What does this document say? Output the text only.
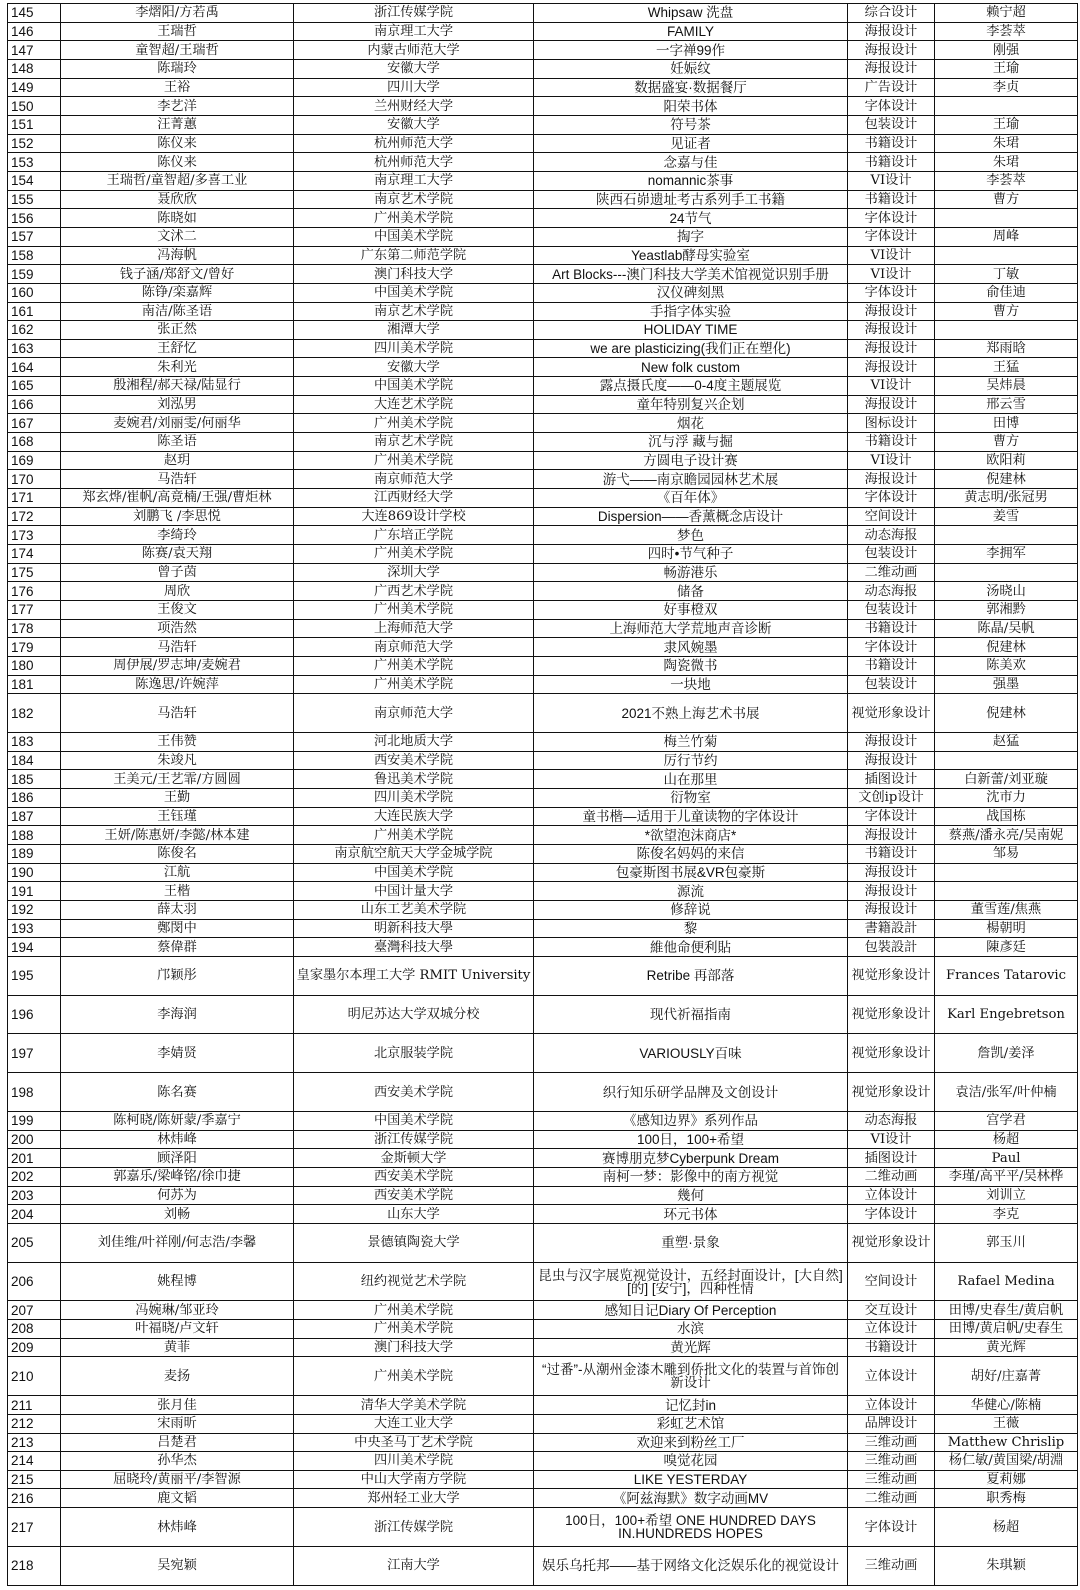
145	李熠阳/方若禹	浙江传媒学院	Whipsaw 洗盘	综合设计	赖宁超
146	王瑞哲	南京理工大学	FAMILY	海报设计	李荟萃
147	童智超/王瑞哲	内蒙古师范大学	一字禅99作	海报设计	刚强
148	陈瑞玲	安徽大学	妊娠纹	海报设计	王瑜
149	王裕	四川大学	数据盛宴·数据餐厅	广告设计	李贞
150	李艺洋	兰州财经大学	阳荣书体	字体设计	
151	汪菁蕙	安徽大学	符号茶	包装设计	王瑜
152	陈仪来	杭州师范大学	见证者	书籍设计	朱珺
153	陈仪来	杭州师范大学	念嘉与佳	书籍设计	朱珺
154	王瑞哲/童智超/多喜工业	南京理工大学	nomannic茶事	VI设计	李荟萃
155	聂欣欣	南京艺术学院	陕西石峁遗址考古系列手工书籍	书籍设计	曹方
156	陈晓如	广州美术学院	24节气	字体设计	
157	文沭二	中国美术学院	掏字	字体设计	周峰
158	冯海帆	广东第二师范学院	Yeastlab酵母实验室	VI设计	
159	钱子涵/郑舒文/曾好	澳门科技大学	Art Blocks---澳门科技大学美术馆视觉识别手册	VI设计	丁敏
160	陈铮/栾嘉辉	中国美术学院	汉仪碑刻黑	字体设计	俞佳迪
161	南洁/陈圣语	南京艺术学院	手指字体实验	海报设计	曹方
162	张正然	湘潭大学	HOLIDAY TIME	海报设计	
163	王舒忆	四川美术学院	we are plasticizing(我们正在塑化)	海报设计	郑雨晗
164	朱利光	安徽大学	New folk custom	海报设计	王猛
165	殷湘程/郝天禄/陆显行	中国美术学院	露点摄氏度——0-4度主题展览	VI设计	吴炜晨
166	刘泓男	大连艺术学院	童年特别复兴企划	海报设计	邢云雪
167	麦婉君/刘丽雯/何丽华	广州美术学院	烟花	图标设计	田博
168	陈圣语	南京艺术学院	沉与浮 藏与掘	书籍设计	曹方
169	赵玥	广州美术学院	方圆电子设计赛	VI设计	欧阳莉
170	马浩轩	南京师范大学	游弋——南京瞻园园林艺术展	海报设计	倪建林
171	郑玄烨/崔帆/高竟楠/王强/曹炬林	江西财经大学	《百年体》	字体设计	黄志明/张冠男
172	刘鹏飞 /李思悦	大连869设计学校	Dispersion——香薰概念店设计	空间设计	姜雪
173	李绮玲	广东培正学院	梦色	动态海报	
174	陈赛/袁天翔	广州美术学院	四时•节气种子	包装设计	李拥军
175	曾子茵	深圳大学	畅游港乐	二维动画	
176	周欣	广西艺术学院	储备	动态海报	汤晓山
177	王俊文	广州美术学院	好事橙双	包装设计	郭湘黔
178	项浩然	上海师范大学	上海师范大学荒地声音诊断	书籍设计	陈晶/吴帆
179	马浩轩	南京师范大学	隶风婉墨	字体设计	倪建林
180	周伊展/罗志坤/麦婉君	广州美术学院	陶瓷微书	书籍设计	陈美欢
181	陈逸思/许婉萍	广州美术学院	一块地	包装设计	强墨
182	马浩轩	南京师范大学	2021不熟上海艺术书展	视觉形象设计	倪建林
183	王伟赞	河北地质大学	梅兰竹菊	海报设计	赵猛
184	朱竣凡	西安美术学院	厉行节约	海报设计	
185	王美元/王艺霏/方圆圆	鲁迅美术学院	山在那里	插图设计	白新蕾/刘亚璇
186	王勤	四川美术学院	衍物室	文创ip设计	沈市力
187	王钰瑾	大连民族大学	童书楷—适用于儿童读物的字体设计	字体设计	战国栋
188	王妍/陈惠妍/李懿/林本建	广州美术学院	*欲望泡沫商店*	海报设计	蔡燕/潘永亮/吴南妮
189	陈俊名	南京航空航天大学金城学院	陈俊名妈妈的来信	书籍设计	邹易
190	江航	中国美术学院	包豪斯图书展&VR包豪斯	海报设计	
191	王楷	中国计量大学	源流	海报设计	
192	薛太羽	山东工艺美术学院	修辞说	海报设计	董雪莲/焦燕
193	鄭閔中	明新科技大學	黎	書籍設計	楊朝明
194	蔡偉群	臺灣科技大學	維他命便利貼	包裝設計	陳彥廷
195	邝颖彤	皇家墨尔本理工大学 RMIT University	Retribe 再部落	视觉形象设计	Frances Tatarovic
196	李海润	明尼苏达大学双城分校	现代祈福指南	视觉形象设计	Karl Engebretson
197	李婧贤	北京服装学院	VARIOUSLY百味	视觉形象设计	詹凯/姜泽
198	陈名赛	西安美术学院	织行知乐研学品牌及文创设计	视觉形象设计	袁洁/张军/叶仲楠
199	陈柯晓/陈妍蒙/季嘉宁	中国美术学院	《感知边界》系列作品	动态海报	宫学君
200	林炜峰	浙江传媒学院	100日，100+希望	VI设计	杨超
201	顾泽阳	金斯顿大学	赛博朋克梦Cyberpunk Dream	插图设计	Paul
202	郭嘉乐/梁峰铭/徐巾捷	西安美术学院	南柯一梦：影像中的南方视觉	二维动画	李瑾/高平平/吴林桦
203	何苏为	西安美术学院	幾何	立体设计	刘训立
204	刘畅	山东大学	环元书体	字体设计	李克
205	刘佳维/叶祥刚/何志浩/李馨	景德镇陶瓷大学	重塑·景象	视觉形象设计	郭玉川
206	姚程博	纽约视觉艺术学院	昆虫与汉字展览视觉设计，五经封面设计，[大自然] [的] [安宁]，四种性情	空间设计	Rafael Medina
207	冯婉琳/邹亚玲	广州美术学院	感知日记Diary Of Perception	交互设计	田博/史春生/黄启帆
208	叶福晓/卢文轩	广州美术学院	水滨	立体设计	田博/黄启帆/史春生
209	黄菲	澳门科技大学	黄光辉	书籍设计	黄光辉
210	麦扬	广州美术学院	“过番”-从潮州金漆木雕到侨批文化的装置与首饰创新设计	立体设计	胡好/庄嘉菁
211	张月佳	清华大学美术学院	记忆封in	立体设计	华健心/陈楠
212	宋雨昕	大连工业大学	彩虹艺术馆	品牌设计	王薇
213	吕楚君	中央圣马丁艺术学院	欢迎来到粉丝工厂	三维动画	Matthew Chrislip
214	孙华杰	四川美术学院	嗅觉花园	三维动画	杨仁敏/黄国梁/胡淵
215	屈晓玲/黄丽平/李智源	中山大学南方学院	LIKE YESTERDAY	三维动画	夏莉娜
216	鹿文韬	郑州轻工业大学	《阿兹海默》数字动画MV	二维动画	职秀梅
217	林炜峰	浙江传媒学院	100日，100+希望 ONE HUNDRED DAYS IN.HUNDREDS HOPES	字体设计	杨超
218	吴宛颖	江南大学	娱乐乌托邦——基于网络文化泛娱乐化的视觉设计	三维动画	朱琪颖
